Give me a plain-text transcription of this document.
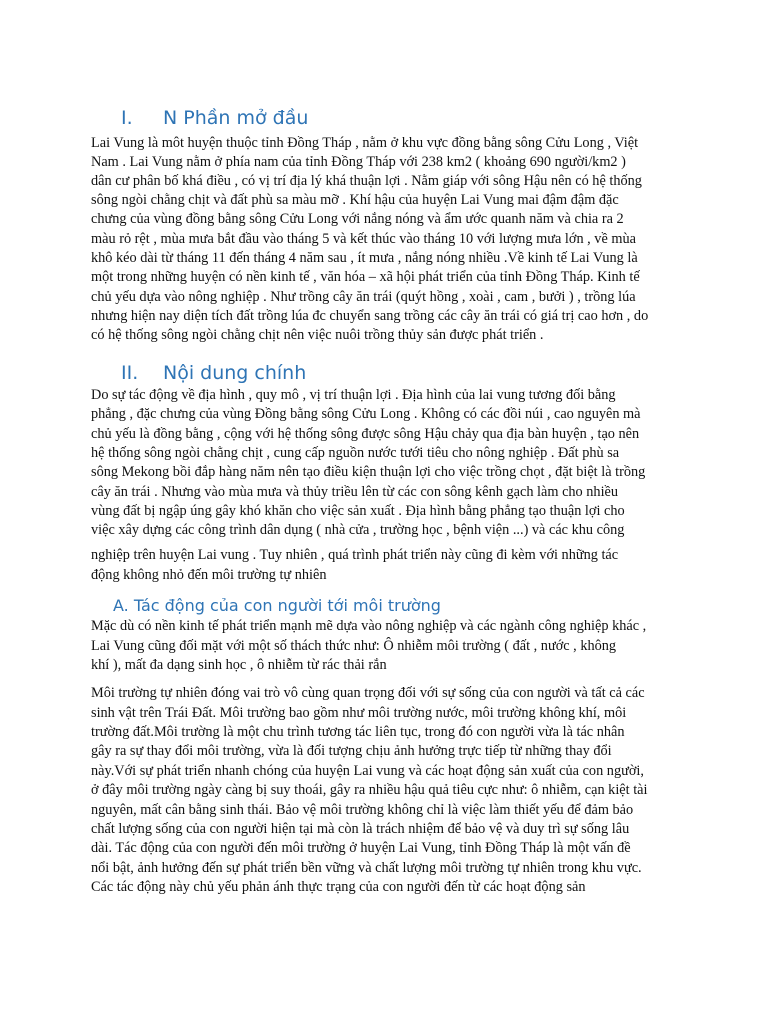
I. N Phần mở đầu
Lai Vung là môt huyện thuộc tỉnh Đồng Tháp , nằm ở khu vực đồng bằng sông Cửu Long , Việt
Nam . Lai Vung nằm ở phía nam của tỉnh Đồng Tháp với 238 km2 ( khoảng 690 người/km2 )
dân cư phân bố khá điều , có vị trí địa lý khá thuận lợi . Nằm giáp với sông Hậu nên có hệ thống
sông ngòi chằng chịt và đất phù sa màu mỡ . Khí hậu của huyện Lai Vung mai đậm đậm đặc
chưng của vùng đồng bằng sông Cửu Long với nắng nóng và ẩm ước quanh năm và chia ra 2
màu rỏ rệt , mùa mưa bắt đầu vào tháng 5 và kết thúc vào tháng 10 với lượng mưa lớn , về mùa
khô kéo dài từ tháng 11 đến tháng 4 năm sau , ít mưa , nắng nóng nhiều .Về kinh tế Lai Vung là
một trong những huyện có nền kinh tế , văn hóa – xã hội phát triển của tỉnh Đồng Tháp. Kinh tế
chủ yếu dựa vào nông nghiệp . Như trồng cây ăn trái (quýt hồng , xoài , cam , bưởi ) , trồng lúa
nhưng hiện nay diện tích đất trồng lúa đc chuyển sang trồng các cây ăn trái có giá trị cao hơn , do
có hệ thống sông ngòi chằng chịt nên việc nuôi trồng thủy sản được phát triển .
II. Nội dung chính
Do sự tác động về địa hình , quy mô , vị trí thuận lợi . Địa hình của lai vung tương đối bằng
phẳng , đặc chưng của vùng Đồng bằng sông Cửu Long . Không có các đồi núi , cao nguyên mà
chủ yếu là đồng bằng , cộng với hệ thống sông được sông Hậu chảy qua địa bàn huyện , tạo nên
hệ thống sông ngòi chằng chịt , cung cấp nguồn nước tưới tiêu cho nông nghiệp . Đất phù sa
sông Mekong bồi đắp hàng năm nên tạo điều kiện thuận lợi cho việc trồng chọt , đặt biệt là trồng
cây ăn trái . Nhưng vào mùa mưa và thủy triều lên từ các con sông kênh gạch làm cho nhiều
vùng đất bị ngập úng gây khó khăn cho việc sản xuất . Địa hình bằng phẳng tạo thuận lợi cho
việc xây dựng các công trình dân dụng ( nhà cửa , trường học , bệnh viện ...) và các khu công
nghiệp trên huyện Lai vung . Tuy nhiên , quá trình phát triển này cũng đi kèm với những tác
động không nhỏ đến môi trường tự nhiên
A. Tác động của con người tới môi trường
Mặc dù có nền kinh tế phát triển mạnh mẽ dựa vào nông nghiệp và các ngành công nghiệp khác ,
Lai Vung cũng đối mặt với một số thách thức như: Ô nhiễm môi trường ( đất , nước , không
khí ), mất đa dạng sinh học , ô nhiễm từ rác thải rắn
Môi trường tự nhiên đóng vai trò vô cùng quan trọng đối với sự sống của con người và tất cả các
sinh vật trên Trái Đất. Môi trường bao gồm như môi trường nước, môi trường không khí, môi
trường đất.Môi trường là một chu trình tương tác liên tục, trong đó con người vừa là tác nhân
gây ra sự thay đổi môi trường, vừa là đối tượng chịu ảnh hưởng trực tiếp từ những thay đổi
này.Với sự phát triển nhanh chóng của huyện Lai vung và các hoạt động sản xuất của con người,
ở đây môi trường ngày càng bị suy thoái, gây ra nhiều hậu quả tiêu cực như: ô nhiễm, cạn kiệt tài
nguyên, mất cân bằng sinh thái. Bảo vệ môi trường không chỉ là việc làm thiết yếu để đảm bảo
chất lượng sống của con người hiện tại mà còn là trách nhiệm để bảo vệ và duy trì sự sống lâu
dài. Tác động của con người đến môi trường ở huyện Lai Vung, tỉnh Đồng Tháp là một vấn đề
nổi bật, ảnh hưởng đến sự phát triển bền vững và chất lượng môi trường tự nhiên trong khu vực.
Các tác động này chủ yếu phản ánh thực trạng của con người đến từ các hoạt động sản
